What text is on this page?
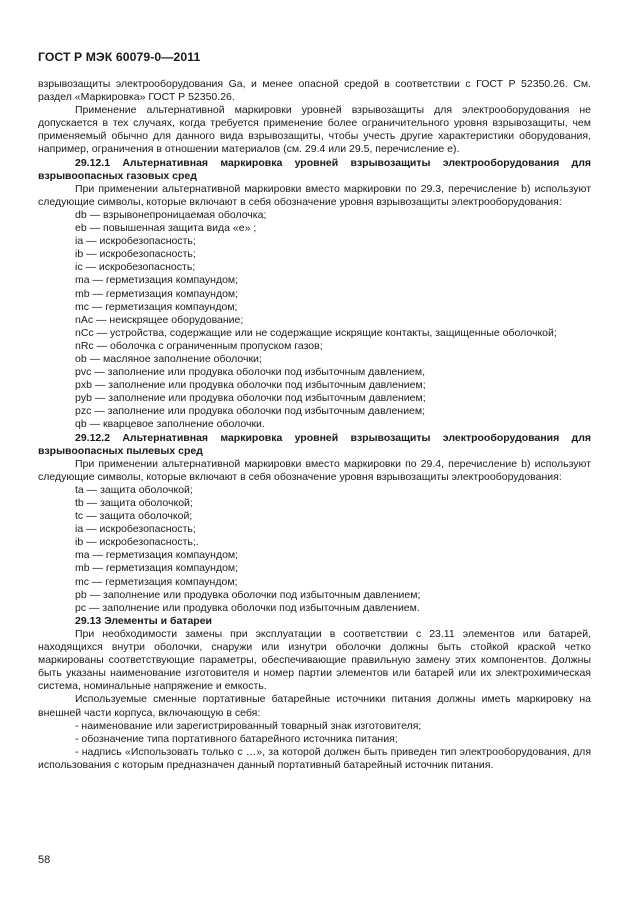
ГОСТ Р МЭК 60079-0—2011

взрывозащиты электрооборудования Ga, и менее опасной средой в соответствии с ГОСТ Р 52350.26. См. раздел «Маркировка» ГОСТ Р 52350.26.

Применение альтернативной маркировки уровней взрывозащиты для электрооборудования не допускается в тех случаях, когда требуется применение более ограничительного уровня взрывозащиты, чем применяемый обычно для данного вида взрывозащиты, чтобы учесть другие характеристики оборудования, например, ограничения в отношении материалов (см. 29.4 или 29.5, перечисление е).

29.12.1 Альтернативная маркировка уровней взрывозащиты электрооборудования для взрывоопасных газовых сред

При применении альтернативной маркировки вместо маркировки по 29.3, перечисление b) используют следующие символы, которые включают в себя обозначение уровня взрывозащиты электрооборудования:

db — взрывонепроницаемая оболочка;

eb — повышенная защита вида «е» ;

ia — искробезопасность;

ib — искробезопасность;

ic — искробезопасность;

ma — герметизация компаундом;

mb — герметизация компаундом;

mc — герметизация компаундом;

nAc — неискрящее оборудование;

nCc — устройства, содержащие или не содержащие искрящие контакты, защищенные оболочкой;

nRc — оболочка с ограниченным пропуском газов;

ob — масляное заполнение оболочки;

pvc — заполнение или продувка оболочки под избыточным давлением,

pxb — заполнение или продувка оболочки под избыточным давлением;

pyb — заполнение или продувка оболочки под избыточным давлением;

pzc — заполнение или продувка оболочки под избыточным давлением;

qb — кварцевое заполнение оболочки.

29.12.2 Альтернативная маркировка уровней взрывозащиты электрооборудования для взрывоопасных пылевых сред

При применении альтернативной маркировки вместо маркировки по 29.4, перечисление b) используют следующие символы, которые включают в себя обозначение уровня взрывозащиты электрооборудования:

ta — защита оболочкой;

tb — защита оболочкой;

tc — защита оболочкой;

ia — искробезопасность;

ib — искробезопасность;.

ma — герметизация компаундом;

mb — герметизация компаундом;

mc — герметизация компаундом;

pb — заполнение или продувка оболочки под избыточным давлением;

pc — заполнение или продувка оболочки под избыточным давлением.

29.13 Элементы и батареи

При необходимости замены при эксплуатации в соответствии с 23.11 элементов или батарей, находящихся внутри оболочки, снаружи или изнутри оболочки должны быть стойкой краской четко маркированы соответствующие параметры, обеспечивающие правильную замену этих компонентов. Должны быть указаны наименование изготовителя и номер партии элементов или батарей или их электрохимическая система, номинальные напряжение и емкость.

Используемые сменные портативные батарейные источники питания должны иметь маркировку на внешней части корпуса, включающую в себя:

- наименование или зарегистрированный товарный знак изготовителя;

- обозначение типа портативного батарейного источника питания;

- надпись «Использовать только с …», за которой должен быть приведен тип электрооборудования, для использования с которым предназначен данный портативный батарейный источник питания.

58
